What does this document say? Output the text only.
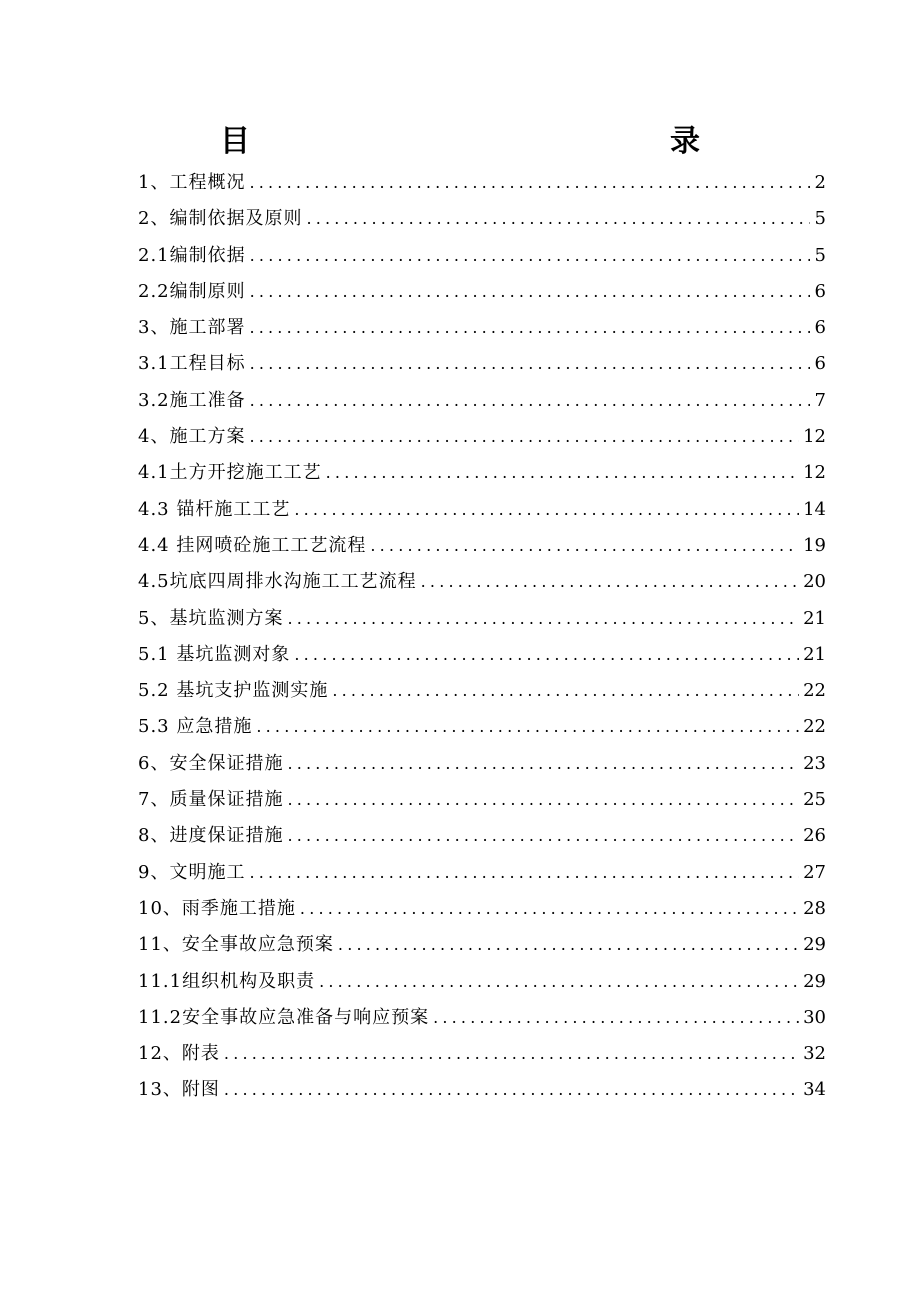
目　　录
1、工程概况 .....	2
2、编制依据及原则 .....	5
2.1编制依据 .....	5
2.2编制原则 .....	6
3、施工部署 .....	6
3.1工程目标 .....	6
3.2施工准备 .....	7
4、施工方案 .....	12
4.1土方开挖施工工艺 .....	12
4.3 锚杆施工工艺 .....	14
4.4 挂网喷砼施工工艺流程 .....	19
4.5坑底四周排水沟施工工艺流程 .....	20
5、基坑监测方案 .....	21
5.1 基坑监测对象 .....	21
5.2 基坑支护监测实施 .....	22
5.3 应急措施 .....	22
6、安全保证措施 .....	23
7、质量保证措施 .....	25
8、进度保证措施 .....	26
9、文明施工 .....	27
10、雨季施工措施 .....	28
11、安全事故应急预案 .....	29
11.1组织机构及职责 .....	29
11.2安全事故应急准备与响应预案 .....	30
12、附表 .....	32
13、附图 .....	34
